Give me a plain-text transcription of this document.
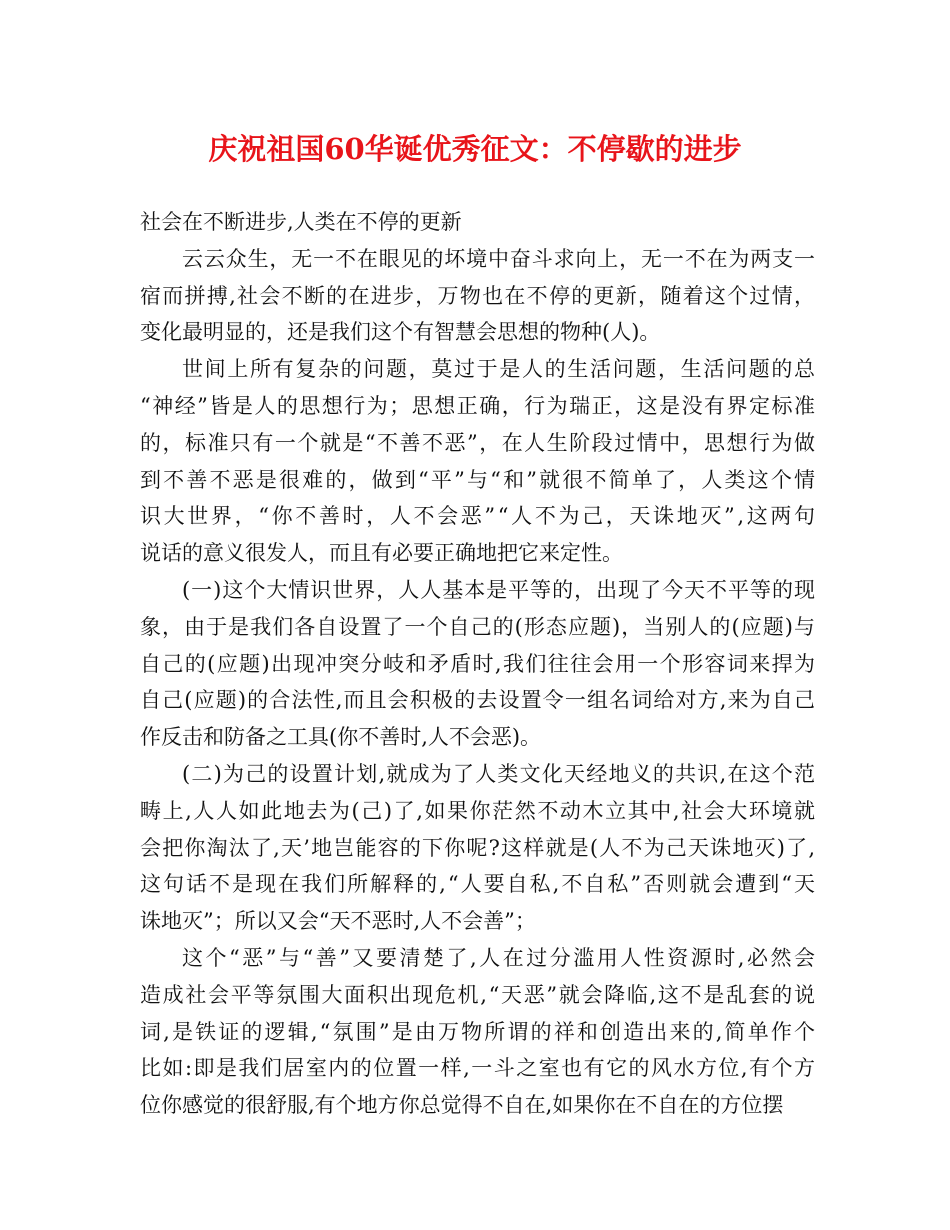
庆祝祖国60华诞优秀征文：不停歇的进步
社会在不断进步,人类在不停的更新
云云众生，无一不在眼见的坏境中奋斗求向上，无一不在为两支一
宿而拼搏,社会不断的在进步，万物也在不停的更新，随着这个过情，
变化最明显的，还是我们这个有智慧会思想的物种(人)。
世间上所有复杂的问题，莫过于是人的生活问题，生活问题的总
“神经”皆是人的思想行为；思想正确，行为瑞正，这是没有界定标准
的，标准只有一个就是“不善不恶”，在人生阶段过情中，思想行为做
到不善不恶是很难的，做到“平”与“和”就很不简单了，人类这个情
识大世界，“你不善时，人不会恶”“人不为己，天诛地灭”,这两句
说话的意义很发人，而且有必要正确地把它来定性。
(一)这个大情识世界，人人基本是平等的，出现了今天不平等的现
象，由于是我们各自设置了一个自己的(形态应题)，当别人的(应题)与
自己的(应题)出现冲突分岐和矛盾时,我们往往会用一个形容词来捍为
自己(应题)的合法性,而且会积极的去设置令一组名词给对方,来为自己
作反击和防备之工具(你不善时,人不会恶)。
(二)为己的设置计划,就成为了人类文化天经地义的共识,在这个范
畴上,人人如此地去为(己)了,如果你茫然不动木立其中,社会大环境就
会把你淘汰了,天’地岂能容的下你呢?这样就是(人不为己天诛地灭)了,
这句话不是现在我们所解释的,“人要自私,不自私”否则就会遭到“天
诛地灭”；所以又会“天不恶时,人不会善”；
这个“恶”与“善”又要清楚了,人在过分滥用人性资源时,必然会
造成社会平等氛围大面积出现危机,“天恶”就会降临,这不是乱套的说
词,是铁证的逻辑,“氛围”是由万物所谓的祥和创造出来的,简单作个
比如:即是我们居室内的位置一样,一斗之室也有它的风水方位,有个方
位你感觉的很舒服,有个地方你总觉得不自在,如果你在不自在的方位摆
